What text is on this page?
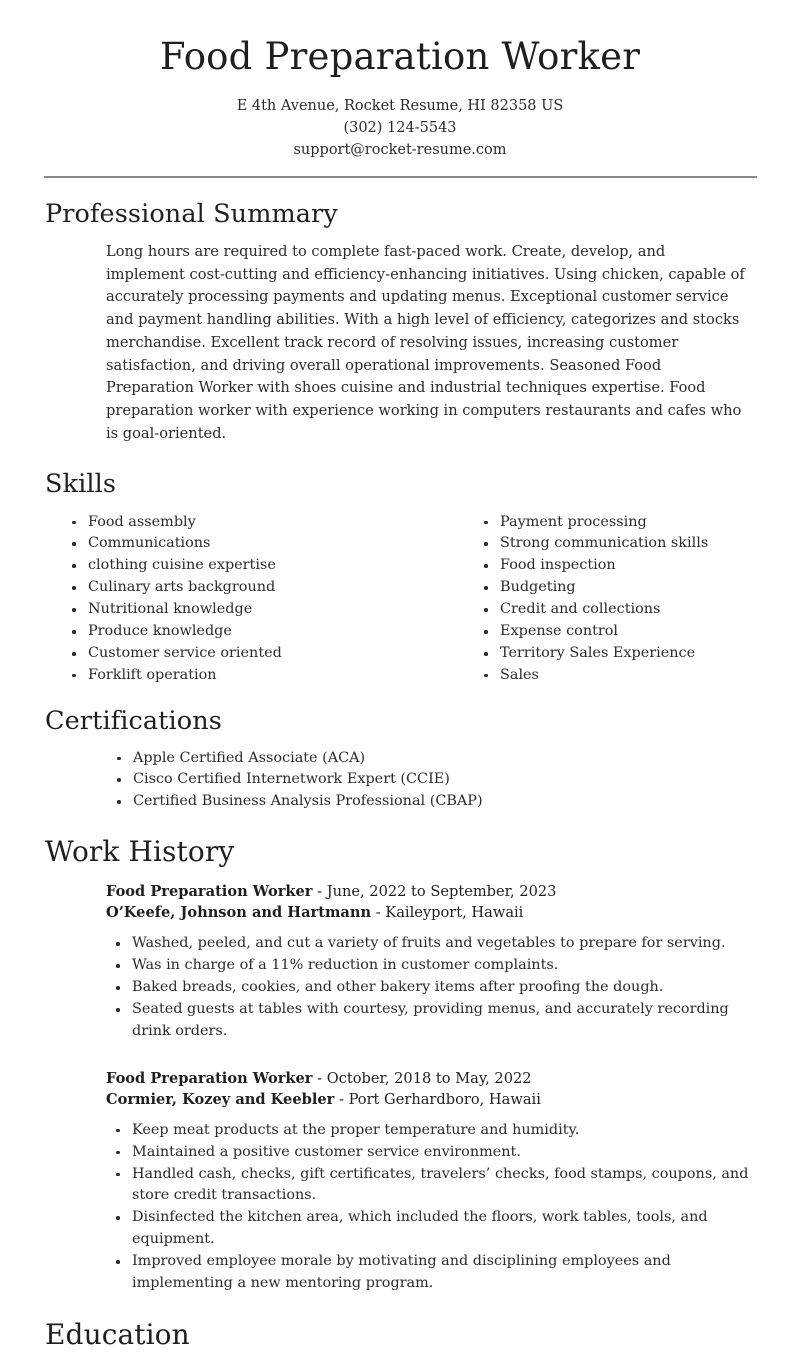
Food Preparation Worker
E 4th Avenue, Rocket Resume, HI 82358 US
(302) 124-5543
support@rocket-resume.com
Professional Summary

Long hours are required to complete fast-paced work. Create, develop, and implement cost-cutting and efficiency-enhancing initiatives. Using chicken, capable of accurately processing payments and updating menus. Exceptional customer service and payment handling abilities. With a high level of efficiency, categorizes and stocks merchandise. Excellent track record of resolving issues, increasing customer satisfaction, and driving overall operational improvements. Seasoned Food Preparation Worker with shoes cuisine and industrial techniques expertise. Food preparation worker with experience working in computers restaurants and cafes who is goal-oriented.

Skills
Food assembly
Communications
clothing cuisine expertise
Culinary arts background
Nutritional knowledge
Produce knowledge
Customer service oriented
Forklift operation
Payment processing
Strong communication skills
Food inspection
Budgeting
Credit and collections
Expense control
Territory Sales Experience
Sales
Certifications
Apple Certified Associate (ACA)
Cisco Certified Internetwork Expert (CCIE)
Certified Business Analysis Professional (CBAP)
Work History
Food Preparation Worker - June, 2022 to September, 2023
O’Keefe, Johnson and Hartmann - Kaileyport, Hawaii
Washed, peeled, and cut a variety of fruits and vegetables to prepare for serving.
Was in charge of a 11% reduction in customer complaints.
Baked breads, cookies, and other bakery items after proofing the dough.
Seated guests at tables with courtesy, providing menus, and accurately recording drink orders.
Food Preparation Worker - October, 2018 to May, 2022
Cormier, Kozey and Keebler - Port Gerhardboro, Hawaii
Keep meat products at the proper temperature and humidity.
Maintained a positive customer service environment.
Handled cash, checks, gift certificates, travelers’ checks, food stamps, coupons, and store credit transactions.
Disinfected the kitchen area, which included the floors, work tables, tools, and equipment.
Improved employee morale by motivating and disciplining employees and implementing a new mentoring program.
Education
